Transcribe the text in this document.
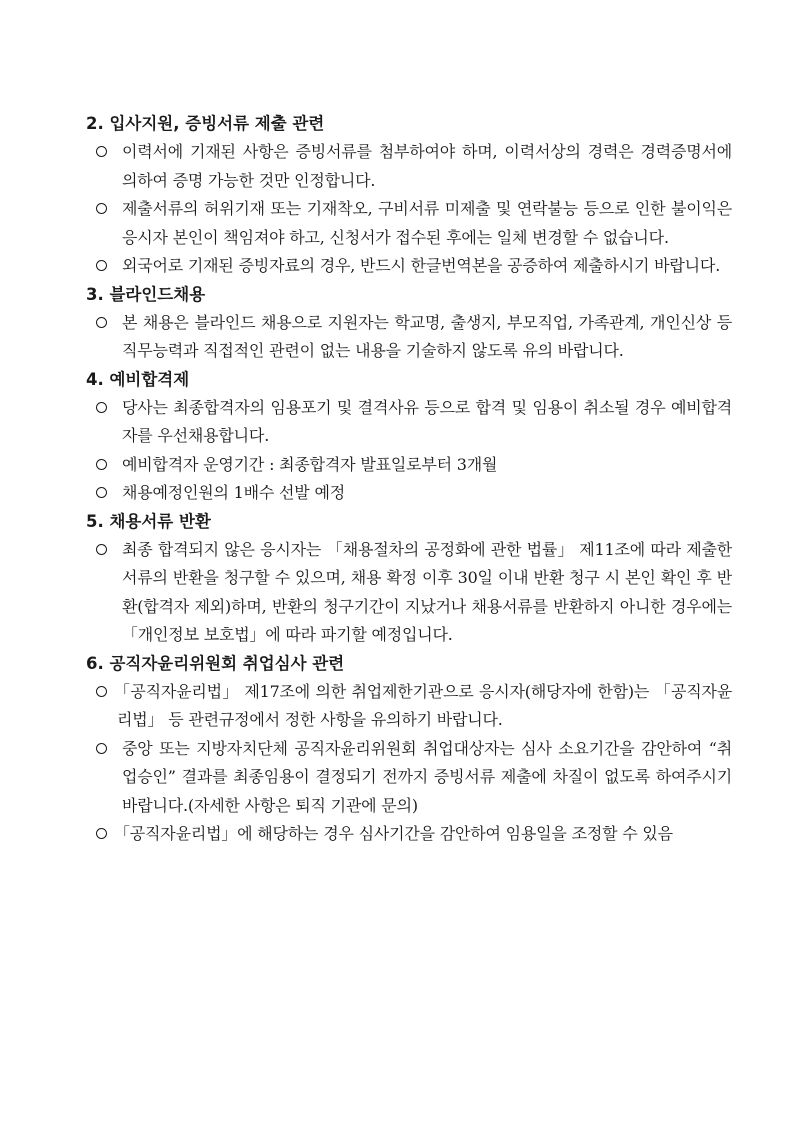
2. 입사지원, 증빙서류 제출 관련
이력서에 기재된 사항은 증빙서류를 첨부하여야 하며, 이력서상의 경력은 경력증명서에 의하여 증명 가능한 것만 인정합니다.
제출서류의 허위기재 또는 기재착오, 구비서류 미제출 및 연락불능 등으로 인한 불이익은 응시자 본인이 책임져야 하고, 신청서가 접수된 후에는 일체 변경할 수 없습니다.
외국어로 기재된 증빙자료의 경우, 반드시 한글번역본을 공증하여 제출하시기 바랍니다.
3. 블라인드채용
본 채용은 블라인드 채용으로 지원자는 학교명, 출생지, 부모직업, 가족관계, 개인신상 등 직무능력과 직접적인 관련이 없는 내용을 기술하지 않도록 유의 바랍니다.
4. 예비합격제
당사는 최종합격자의 임용포기 및 결격사유 등으로 합격 및 임용이 취소될 경우 예비합격자를 우선채용합니다.
예비합격자 운영기간 : 최종합격자 발표일로부터 3개월
채용예정인원의 1배수 선발 예정
5. 채용서류 반환
최종 합격되지 않은 응시자는 「채용절차의 공정화에 관한 법률」 제11조에 따라 제출한 서류의 반환을 청구할 수 있으며, 채용 확정 이후 30일 이내 반환 청구 시 본인 확인 후 반환(합격자 제외)하며, 반환의 청구기간이 지났거나 채용서류를 반환하지 아니한 경우에는 「개인정보 보호법」에 따라 파기할 예정입니다.
6. 공직자윤리위원회 취업심사 관련
「공직자윤리법」 제17조에 의한 취업제한기관으로 응시자(해당자에 한함)는 「공직자윤리법」 등 관련규정에서 정한 사항을 유의하기 바랍니다.
중앙 또는 지방자치단체 공직자윤리위원회 취업대상자는 심사 소요기간을 감안하여 “취업승인” 결과를 최종임용이 결정되기 전까지 증빙서류 제출에 차질이 없도록 하여주시기 바랍니다.(자세한 사항은 퇴직 기관에 문의)
「공직자윤리법」에 해당하는 경우 심사기간을 감안하여 임용일을 조정할 수 있음
